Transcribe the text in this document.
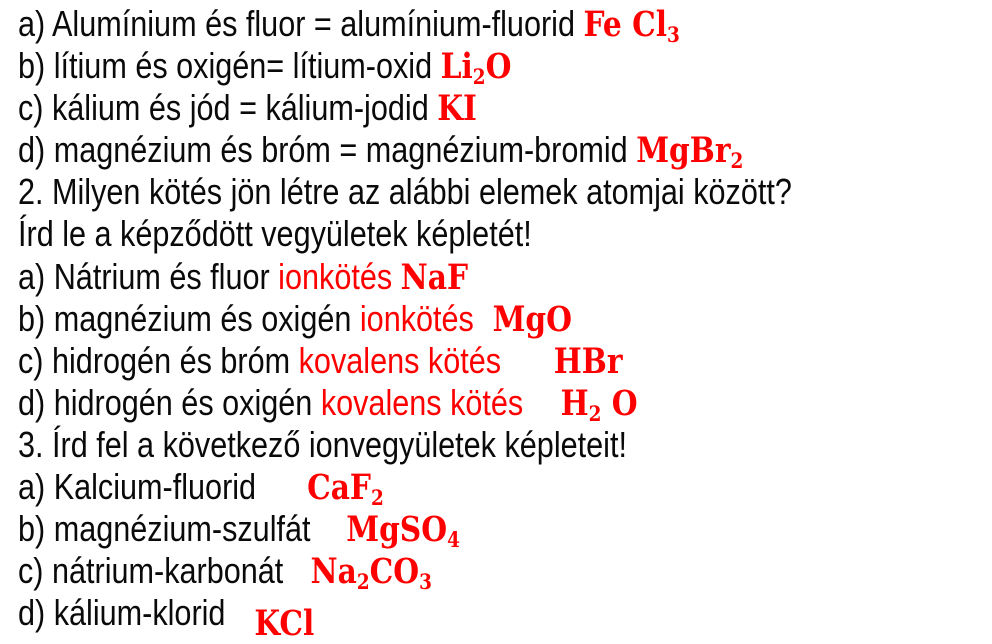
a) Alumínium és fluor = alumínium-fluorid Fe $Cl_3$
b) lítium és oxigén= lítium-oxid $Li_2O$
c) kálium és jód = kálium-jodid KI
d) magnézium és bróm = magnézium-bromid MgBr$_2$
2. Milyen kötés jön létre az alábbi elemek atomjai között?
Írd le a képződött vegyületek képletét!
a) Nátrium és fluor ionkötés NaF
b) magnézium és oxigén ionkötés MgO
c) hidrogén és bróm kovalens kötés HBr
d) hidrogén és oxigén kovalens kötés $H_2$ O
3. Írd fel a következő ionvegyületek képleteit!
a) Kalcium-fluorid CaF$_2$
b) magnézium-szulfát MgSO$_4$
c) nátrium-karbonát $Na_2CO_3$
d) kálium-klorid KCl
